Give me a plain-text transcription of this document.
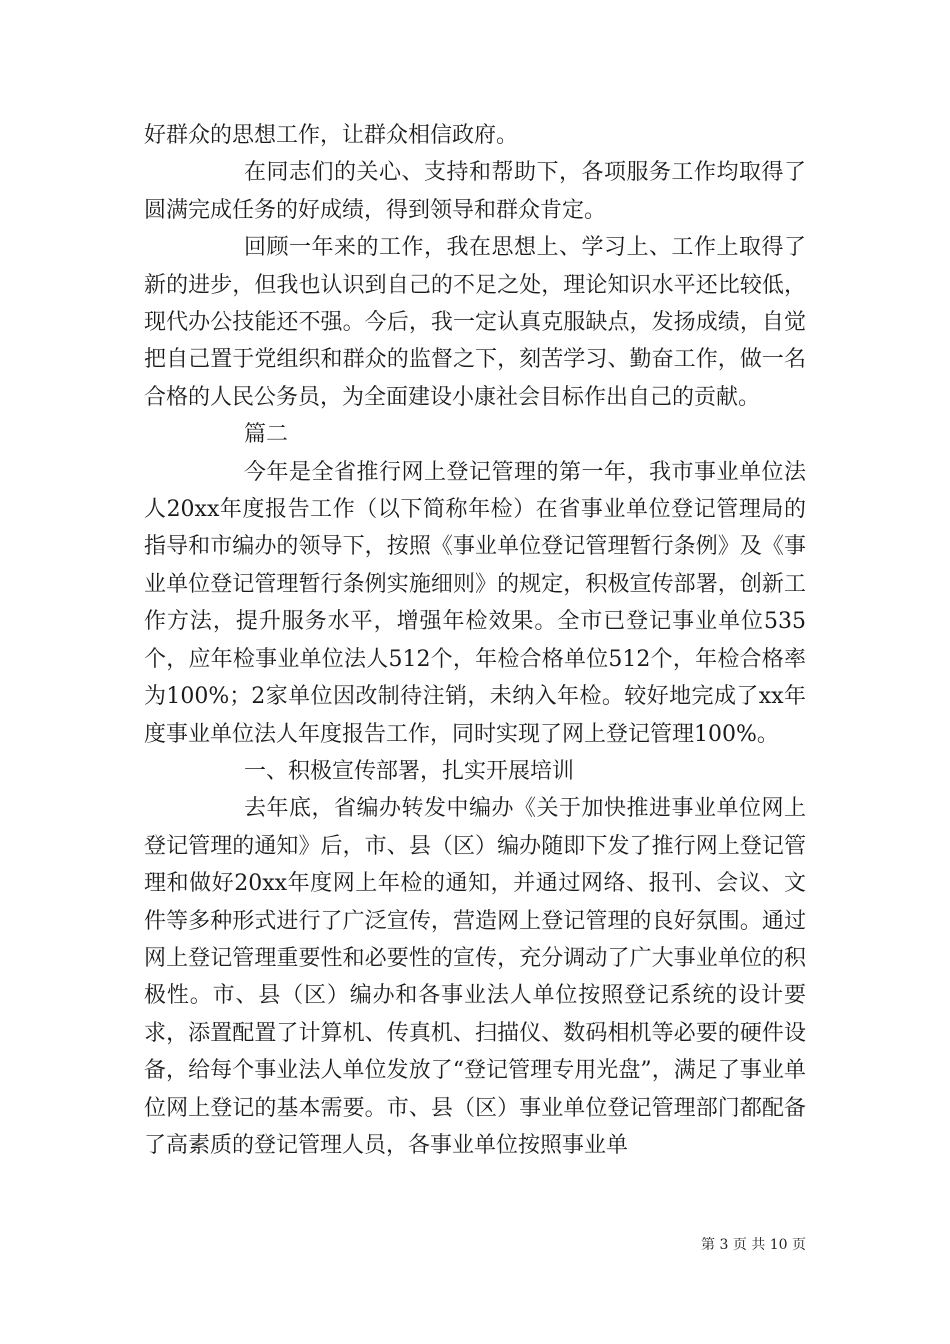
好群众的思想工作，让群众相信政府。

在同志们的关心、支持和帮助下，各项服务工作均取得了圆满完成任务的好成绩，得到领导和群众肯定。

回顾一年来的工作，我在思想上、学习上、工作上取得了新的进步，但我也认识到自己的不足之处，理论知识水平还比较低，现代办公技能还不强。今后，我一定认真克服缺点，发扬成绩，自觉把自己置于党组织和群众的监督之下，刻苦学习、勤奋工作，做一名合格的人民公务员，为全面建设小康社会目标作出自己的贡献。

篇二

今年是全省推行网上登记管理的第一年，我市事业单位法人20xx年度报告工作（以下简称年检）在省事业单位登记管理局的指导和市编办的领导下，按照《事业单位登记管理暂行条例》及《事业单位登记管理暂行条例实施细则》的规定，积极宣传部署，创新工作方法，提升服务水平，增强年检效果。全市已登记事业单位535个，应年检事业单位法人512个，年检合格单位512个，年检合格率为100%；2家单位因改制待注销，未纳入年检。较好地完成了xx年度事业单位法人年度报告工作，同时实现了网上登记管理100%。

一、积极宣传部署，扎实开展培训

去年底，省编办转发中编办《关于加快推进事业单位网上登记管理的通知》后，市、县（区）编办随即下发了推行网上登记管理和做好20xx年度网上年检的通知，并通过网络、报刊、会议、文件等多种形式进行了广泛宣传，营造网上登记管理的良好氛围。通过网上登记管理重要性和必要性的宣传，充分调动了广大事业单位的积极性。市、县（区）编办和各事业法人单位按照登记系统的设计要求，添置配置了计算机、传真机、扫描仪、数码相机等必要的硬件设备，给每个事业法人单位发放了“登记管理专用光盘”，满足了事业单位网上登记的基本需要。市、县（区）事业单位登记管理部门都配备了高素质的登记管理人员，各事业单位按照事业单

第 3 页 共 10 页
